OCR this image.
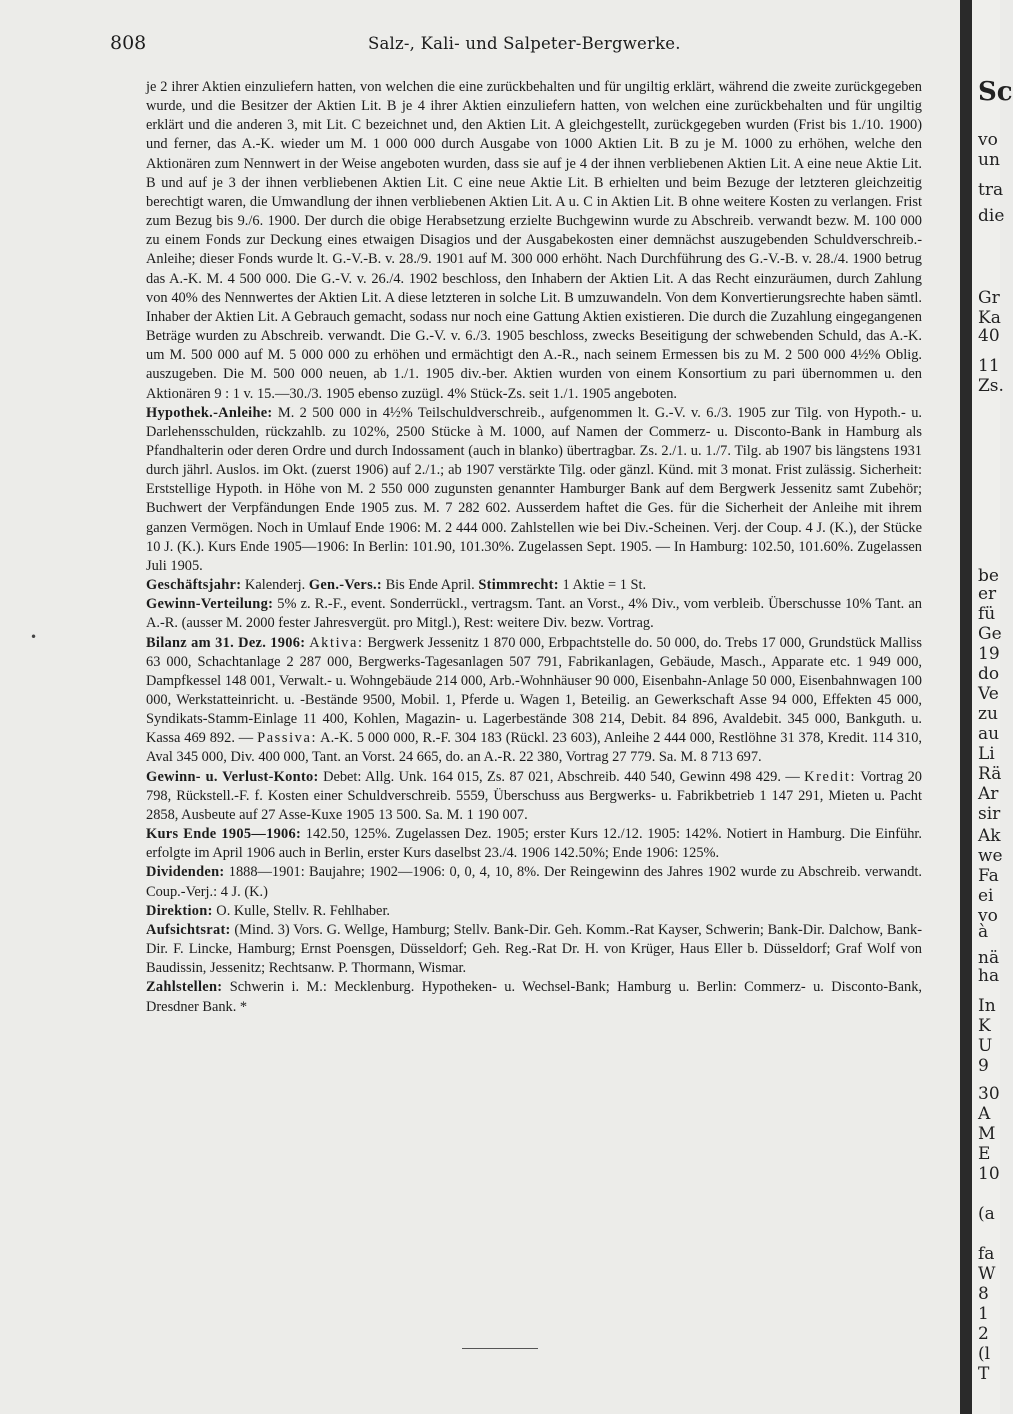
808	Salz-, Kali- und Salpeter-Bergwerke.

je 2 ihrer Aktien einzuliefern hatten, von welchen die eine zurückbehalten und für ungiltig erklärt, während die zweite zurückgegeben wurde, und die Besitzer der Aktien Lit. B je 4 ihrer Aktien einzuliefern hatten, von welchen eine zurückbehalten und für ungiltig erklärt und die anderen 3, mit Lit. C bezeichnet und, den Aktien Lit. A gleichgestellt, zurückgegeben wurden (Frist bis 1./10. 1900) und ferner, das A.-K. wieder um M. 1 000 000 durch Ausgabe von 1000 Aktien Lit. B zu je M. 1000 zu erhöhen, welche den Aktionären zum Nennwert in der Weise angeboten wurden, dass sie auf je 4 der ihnen verbliebenen Aktien Lit. A eine neue Aktie Lit. B und auf je 3 der ihnen verbliebenen Aktien Lit. C eine neue Aktie Lit. B erhielten und beim Bezuge der letzteren gleichzeitig berechtigt waren, die Umwandlung der ihnen verbliebenen Aktien Lit. A u. C in Aktien Lit. B ohne weitere Kosten zu verlangen. Frist zum Bezug bis 9./6. 1900. Der durch die obige Herabsetzung erzielte Buchgewinn wurde zu Abschreib. verwandt bezw. M. 100 000 zu einem Fonds zur Deckung eines etwaigen Disagios und der Ausgabekosten einer demnächst auszugebenden Schuldverschreib.-Anleihe; dieser Fonds wurde lt. G.-V.-B. v. 28./9. 1901 auf M. 300 000 erhöht. Nach Durchführung des G.-V.-B. v. 28./4. 1900 betrug das A.-K. M. 4 500 000. Die G.-V. v. 26./4. 1902 beschloss, den Inhabern der Aktien Lit. A das Recht einzuräumen, durch Zahlung von 40% des Nennwertes der Aktien Lit. A diese letzteren in solche Lit. B umzuwandeln. Von dem Konvertierungsrechte haben sämtl. Inhaber der Aktien Lit. A Gebrauch gemacht, sodass nur noch eine Gattung Aktien existieren. Die durch die Zuzahlung eingegangenen Beträge wurden zu Abschreib. verwandt. Die G.-V. v. 6./3. 1905 beschloss, zwecks Beseitigung der schwebenden Schuld, das A.-K. um M. 500 000 auf M. 5 000 000 zu erhöhen und ermächtigt den A.-R., nach seinem Ermessen bis zu M. 2 500 000 4½% Oblig. auszugeben. Die M. 500 000 neuen, ab 1./1. 1905 div.-ber. Aktien wurden von einem Konsortium zu pari übernommen u. den Aktionären 9 : 1 v. 15.—30./3. 1905 ebenso zuzügl. 4% Stück-Zs. seit 1./1. 1905 angeboten.

Hypothek.-Anleihe: M. 2 500 000 in 4½% Teilschuldverschreib., aufgenommen lt. G.-V. v. 6./3. 1905 zur Tilg. von Hypoth.- u. Darlehensschulden, rückzahlb. zu 102%, 2500 Stücke à M. 1000, auf Namen der Commerz- u. Disconto-Bank in Hamburg als Pfandhalterin oder deren Ordre und durch Indossament (auch in blanko) übertragbar. Zs. 2./1. u. 1./7. Tilg. ab 1907 bis längstens 1931 durch jährl. Auslos. im Okt. (zuerst 1906) auf 2./1.; ab 1907 verstärkte Tilg. oder gänzl. Künd. mit 3 monat. Frist zulässig. Sicherheit: Erststellige Hypoth. in Höhe von M. 2 550 000 zugunsten genannter Hamburger Bank auf dem Bergwerk Jessenitz samt Zubehör; Buchwert der Verpfändungen Ende 1905 zus. M. 7 282 602. Ausserdem haftet die Ges. für die Sicherheit der Anleihe mit ihrem ganzen Vermögen. Noch in Umlauf Ende 1906: M. 2 444 000. Zahlstellen wie bei Div.-Scheinen. Verj. der Coup. 4 J. (K.), der Stücke 10 J. (K.). Kurs Ende 1905—1906: In Berlin: 101.90, 101.30%. Zugelassen Sept. 1905. — In Hamburg: 102.50, 101.60%. Zugelassen Juli 1905.

Geschäftsjahr: Kalenderj. Gen.-Vers.: Bis Ende April. Stimmrecht: 1 Aktie = 1 St.

Gewinn-Verteilung: 5% z. R.-F., event. Sonderrückl., vertragsm. Tant. an Vorst., 4% Div., vom verbleib. Überschusse 10% Tant. an A.-R. (ausser M. 2000 fester Jahresvergüt. pro Mitgl.), Rest: weitere Div. bezw. Vortrag.

Bilanz am 31. Dez. 1906: Aktiva: Bergwerk Jessenitz 1 870 000, Erbpachtstelle do. 50 000, do. Trebs 17 000, Grundstück Malliss 63 000, Schachtanlage 2 287 000, Bergwerks-Tagesanlagen 507 791, Fabrikanlagen, Gebäude, Masch., Apparate etc. 1 949 000, Dampfkessel 148 001, Verwalt.- u. Wohngebäude 214 000, Arb.-Wohnhäuser 90 000, Eisenbahn-Anlage 50 000, Eisenbahnwagen 100 000, Werkstatteinricht. u. -Bestände 9500, Mobil. 1, Pferde u. Wagen 1, Beteilig. an Gewerkschaft Asse 94 000, Effekten 45 000, Syndikats-Stamm-Einlage 11 400, Kohlen, Magazin- u. Lagerbestände 308 214, Debit. 84 896, Avaldebit. 345 000, Bankguth. u. Kassa 469 892. — Passiva: A.-K. 5 000 000, R.-F. 304 183 (Rückl. 23 603), Anleihe 2 444 000, Restlöhne 31 378, Kredit. 114 310, Aval 345 000, Div. 400 000, Tant. an Vorst. 24 665, do. an A.-R. 22 380, Vortrag 27 779. Sa. M. 8 713 697.

Gewinn- u. Verlust-Konto: Debet: Allg. Unk. 164 015, Zs. 87 021, Abschreib. 440 540, Gewinn 498 429. — Kredit: Vortrag 20 798, Rückstell.-F. f. Kosten einer Schuldverschreib. 5559, Überschuss aus Bergwerks- u. Fabrikbetrieb 1 147 291, Mieten u. Pacht 2858, Ausbeute auf 27 Asse-Kuxe 1905 13 500. Sa. M. 1 190 007.

Kurs Ende 1905—1906: 142.50, 125%. Zugelassen Dez. 1905; erster Kurs 12./12. 1905: 142%. Notiert in Hamburg. Die Einführ. erfolgte im April 1906 auch in Berlin, erster Kurs daselbst 23./4. 1906 142.50%; Ende 1906: 125%.

Dividenden: 1888—1901: Baujahre; 1902—1906: 0, 0, 4, 10, 8%. Der Reingewinn des Jahres 1902 wurde zu Abschreib. verwandt. Coup.-Verj.: 4 J. (K.)

Direktion: O. Kulle, Stellv. R. Fehlhaber.

Aufsichtsrat: (Mind. 3) Vors. G. Wellge, Hamburg; Stellv. Bank-Dir. Geh. Komm.-Rat Kayser, Schwerin; Bank-Dir. Dalchow, Bank-Dir. F. Lincke, Hamburg; Ernst Poensgen, Düsseldorf; Geh. Reg.-Rat Dr. H. von Krüger, Haus Eller b. Düsseldorf; Graf Wolf von Baudissin, Jessenitz; Rechtsanw. P. Thormann, Wismar.

Zahlstellen: Schwerin i. M.: Mecklenburg. Hypotheken- u. Wechsel-Bank; Hamburg u. Berlin: Commerz- u. Disconto-Bank, Dresdner Bank. *

•
Sc
vo
un
tra
die
Gr
Ka
40
11
Zs.
be
er
fü
Ge
19
do
Ve
zu
au
Li
Rä
Ar
sir
Ak
we
Fa
ei
vo
à
nä
ha
In
K
U
9
30
A
M
E
10
(a
fa
W
8
1
2
(l
T
